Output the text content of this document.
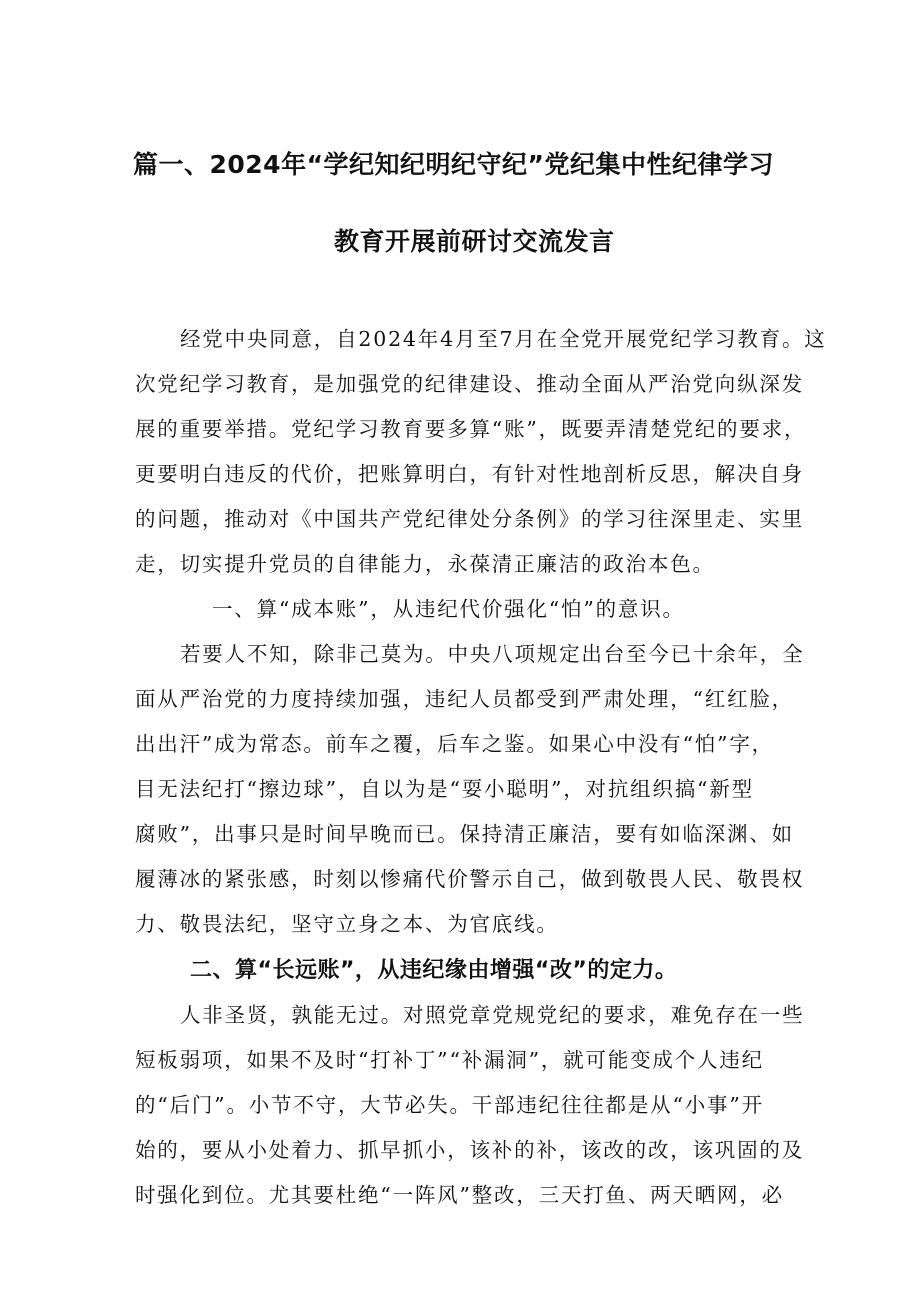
篇一、2024年“学纪知纪明纪守纪”党纪集中性纪律学习
教育开展前研讨交流发言
经党中央同意，自2024年4月至7月在全党开展党纪学习教育。这
次党纪学习教育，是加强党的纪律建设、推动全面从严治党向纵深发
展的重要举措。党纪学习教育要多算“账”，既要弄清楚党纪的要求，
更要明白违反的代价，把账算明白，有针对性地剖析反思，解决自身
的问题，推动对《中国共产党纪律处分条例》的学习往深里走、实里
走，切实提升党员的自律能力，永葆清正廉洁的政治本色。
一、算“成本账”，从违纪代价强化“怕”的意识。
若要人不知，除非己莫为。中央八项规定出台至今已十余年，全
面从严治党的力度持续加强，违纪人员都受到严肃处理，“红红脸，
出出汗”成为常态。前车之覆，后车之鉴。如果心中没有“怕”字，
目无法纪打“擦边球”，自以为是“耍小聪明”，对抗组织搞“新型
腐败”，出事只是时间早晚而已。保持清正廉洁，要有如临深渊、如
履薄冰的紧张感，时刻以惨痛代价警示自己，做到敬畏人民、敬畏权
力、敬畏法纪，坚守立身之本、为官底线。
二、算“长远账”，从违纪缘由增强“改”的定力。
人非圣贤，孰能无过。对照党章党规党纪的要求，难免存在一些
短板弱项，如果不及时“打补丁”“补漏洞”，就可能变成个人违纪
的“后门”。小节不守，大节必失。干部违纪往往都是从“小事”开
始的，要从小处着力、抓早抓小，该补的补，该改的改，该巩固的及
时强化到位。尤其要杜绝“一阵风”整改，三天打鱼、两天晒网，必
